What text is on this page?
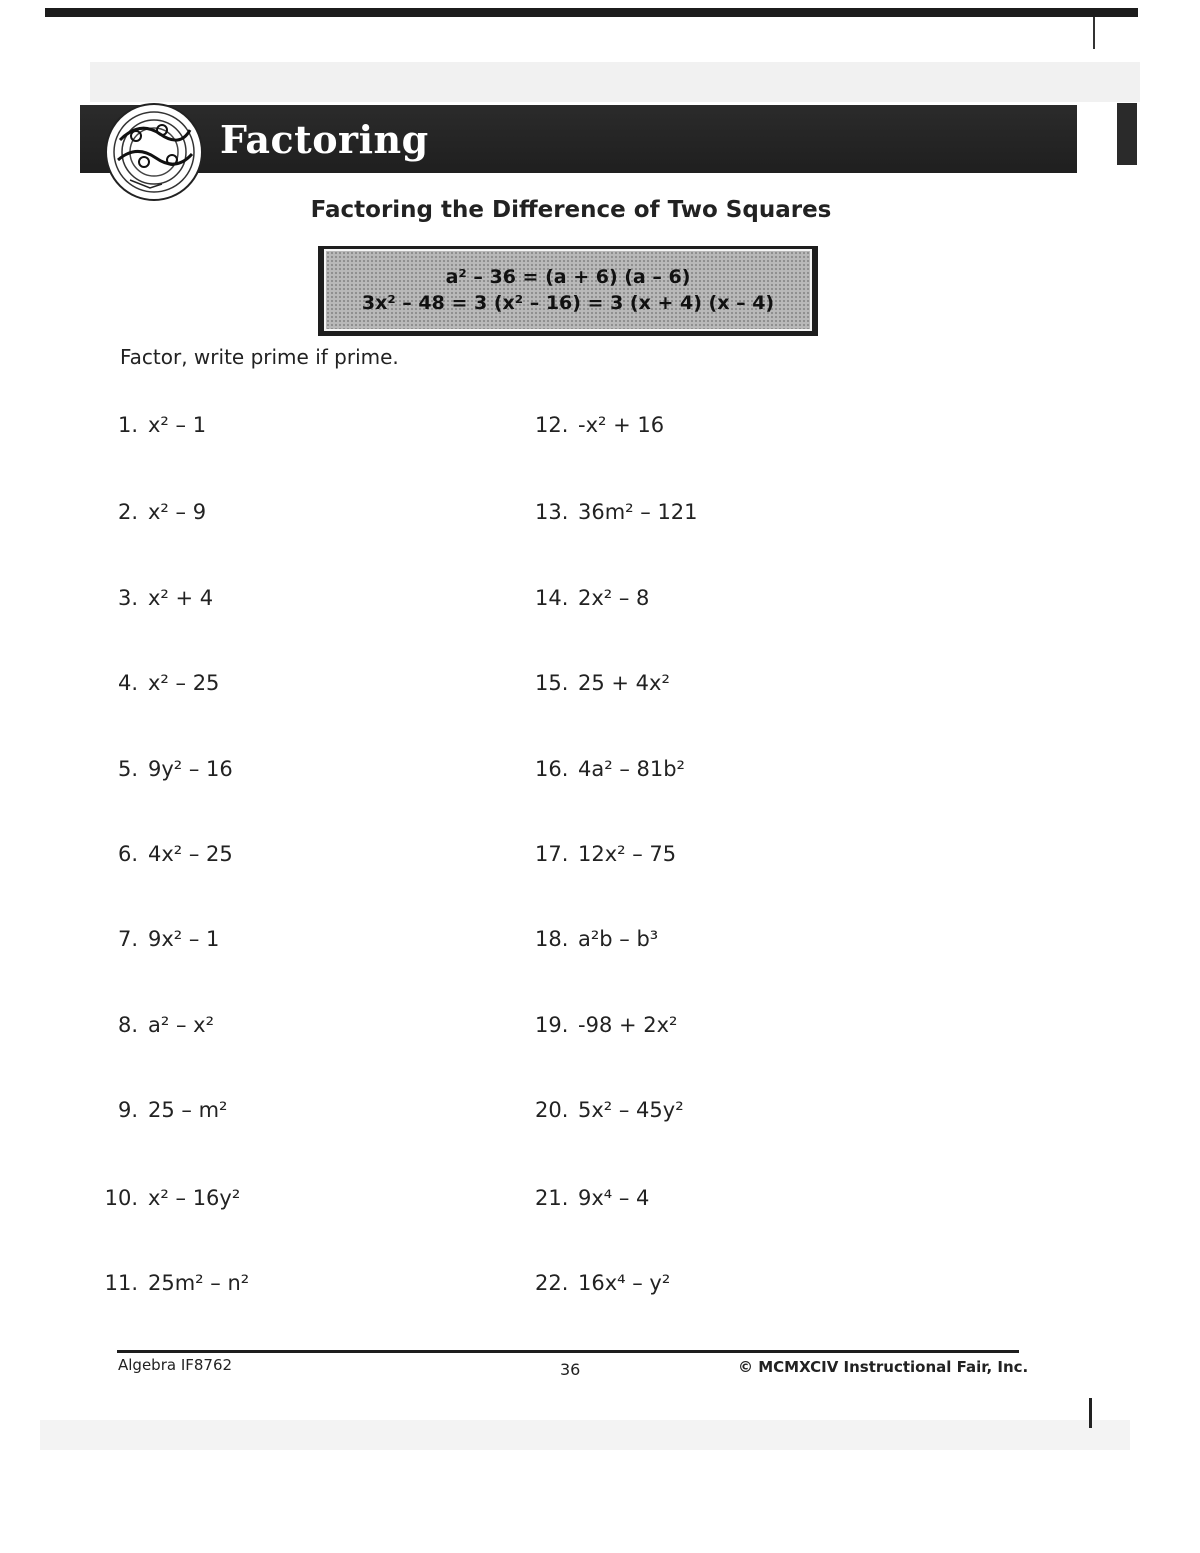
Factoring
Factoring the Difference of Two Squares
a² – 36 = (a + 6) (a – 6)
3x² – 48 = 3 (x² – 16) = 3 (x + 4) (x – 4)
Factor, write prime if prime.
1. x² – 1
2. x² – 9
3. x² + 4
4. x² – 25
5. 9y² – 16
6. 4x² – 25
7. 9x² – 1
8. a² – x²
9. 25 – m²
10. x² – 16y²
11. 25m² – n²
12. -x² + 16
13. 36m² – 121
14. 2x² – 8
15. 25 + 4x²
16. 4a² – 81b²
17. 12x² – 75
18. a²b – b³
19. -98 + 2x²
20. 5x² – 45y²
21. 9x⁴ – 4
22. 16x⁴ – y²
Algebra IF8762	36	© MCMXCIV Instructional Fair, Inc.
